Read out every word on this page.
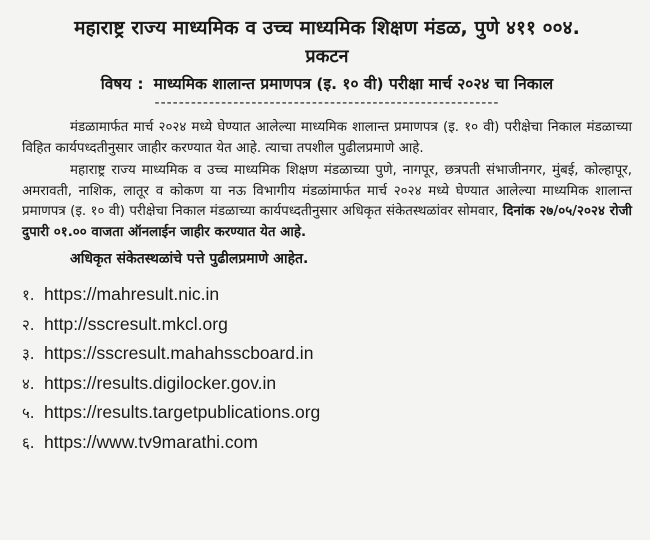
महाराष्ट्र राज्य माध्यमिक व उच्च माध्यमिक शिक्षण मंडळ, पुणे ४११ ००४.
प्रकटन
विषय : माध्यमिक शालान्त प्रमाणपत्र (इ. १० वी) परीक्षा मार्च २०२४ चा निकाल
---------------------------------------------------------

मंडळामार्फत मार्च २०२४ मध्ये घेण्यात आलेल्या माध्यमिक शालान्त प्रमाणपत्र (इ. १० वी) परीक्षेचा निकाल मंडळाच्या विहित कार्यपध्दतीनुसार जाहीर करण्यात येत आहे. त्याचा तपशील पुढीलप्रमाणे आहे.

महाराष्ट्र राज्य माध्यमिक व उच्च माध्यमिक शिक्षण मंडळाच्या पुणे, नागपूर, छत्रपती संभाजीनगर, मुंबई, कोल्हापूर, अमरावती, नाशिक, लातूर व कोकण या नऊ विभागीय मंडळांमार्फत मार्च २०२४ मध्ये घेण्यात आलेल्या माध्यमिक शालान्त प्रमाणपत्र (इ. १० वी) परीक्षेचा निकाल मंडळाच्या कार्यपध्दतीनुसार अधिकृत संकेतस्थळांवर सोमवार, दिनांक २७/०५/२०२४ रोजी दुपारी ०१.०० वाजता ऑनलाईन जाहीर करण्यात येत आहे.

अधिकृत संकेतस्थळांचे पत्ते पुढीलप्रमाणे आहेत.
१. https://mahresult.nic.in
२. http://sscresult.mkcl.org
३. https://sscresult.mahahsscboard.in
४. https://results.digilocker.gov.in
५. https://results.targetpublications.org
६. https://www.tv9marathi.com
